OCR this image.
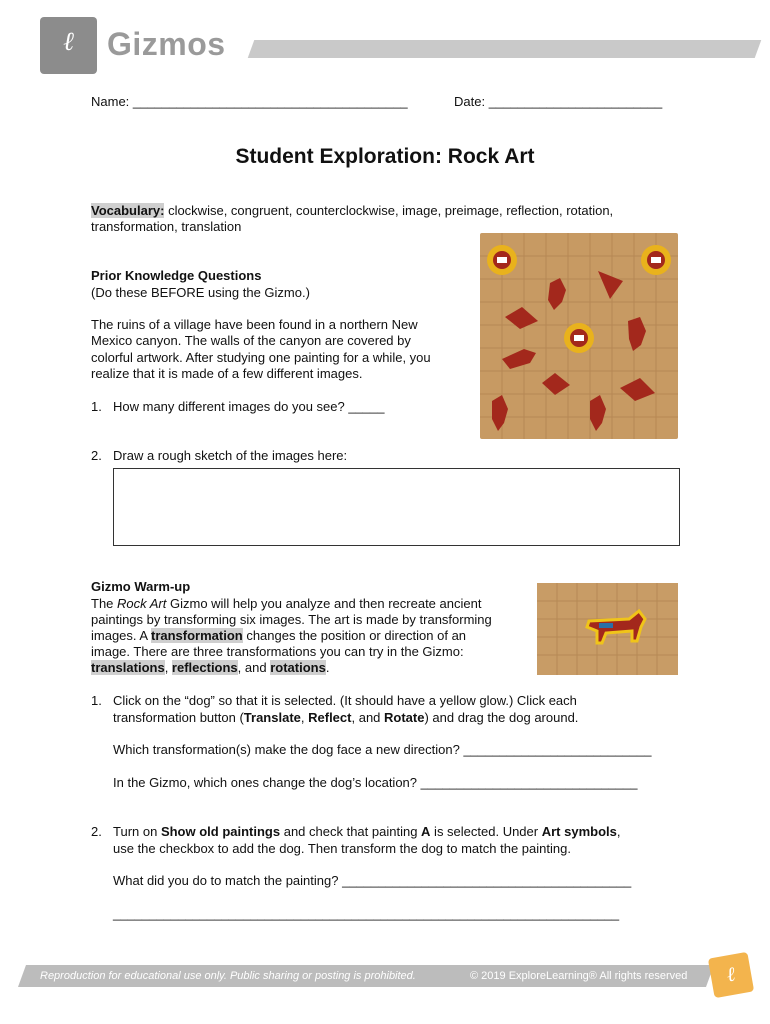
ℓ	Gizmos
Name: ______________________________________	Date: ________________________
Student Exploration: Rock Art
Vocabulary: clockwise, congruent, counterclockwise, image, preimage, reflection, rotation,
transformation, translation
Prior Knowledge Questions
(Do these BEFORE using the Gizmo.)
The ruins of a village have been found in a northern New
Mexico canyon. The walls of the canyon are covered by
colorful artwork. After studying one painting for a while, you
realize that it is made of a few different images.
1. How many different images do you see? _____
2. Draw a rough sketch of the images here:
Gizmo Warm-up
The Rock Art Gizmo will help you analyze and then recreate ancient
paintings by transforming six images. The art is made by transforming
images. A transformation changes the position or direction of an
image. There are three transformations you can try in the Gizmo:
translations, reflections, and rotations.
1. Click on the “dog” so that it is selected. (It should have a yellow glow.) Click each
transformation button (Translate, Reflect, and Rotate) and drag the dog around.
Which transformation(s) make the dog face a new direction? __________________________
In the Gizmo, which ones change the dog’s location? ______________________________
2. Turn on Show old paintings and check that painting A is selected. Under Art symbols,
use the checkbox to add the dog. Then transform the dog to match the painting.
What did you do to match the painting? ________________________________________
______________________________________________________________________
Reproduction for educational use only. Public sharing or posting is prohibited.	© 2019 ExploreLearning® All rights reserved	ℓ
